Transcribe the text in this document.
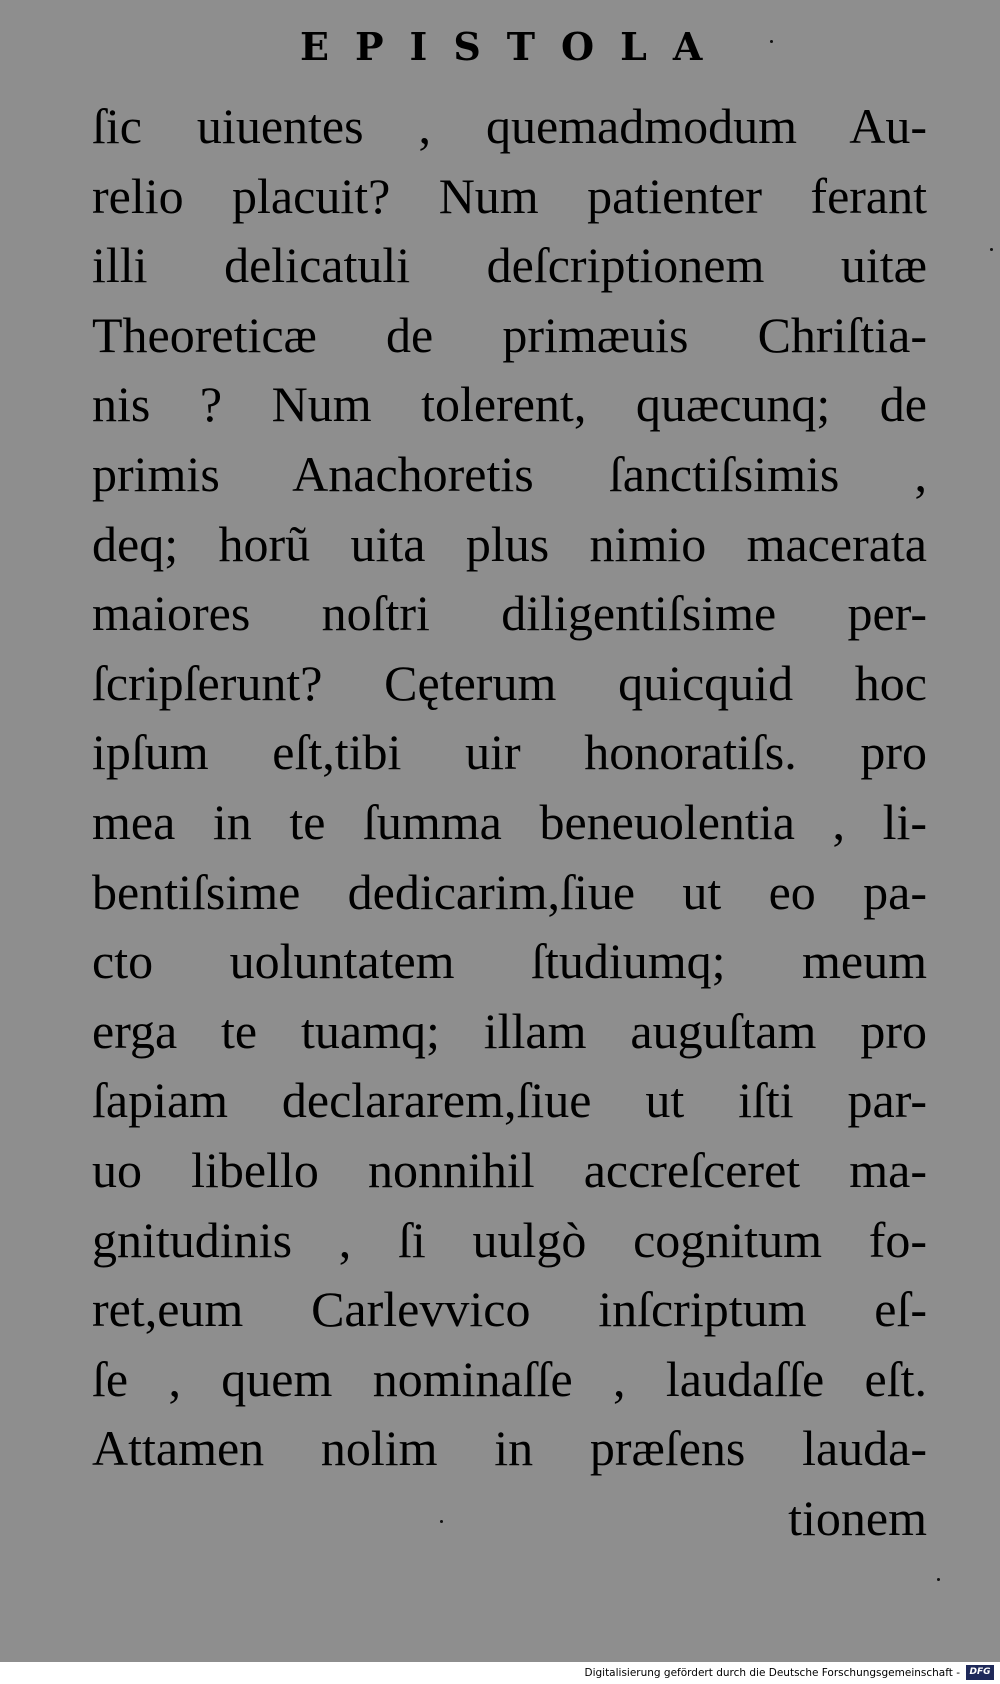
EPISTOLA
ſic uiuentes , quemadmodum Au-
relio placuit? Num patienter ferant
illi delicatuli deſcriptionem uitæ
Theoreticæ de primæuis Chriſtia-
nis ? Num tolerent, quæcunq; de
primis Anachoretis ſanctiſsimis ,
deq; horũ uita plus nimio macerata
maiores noſtri diligentiſsime per-
ſcripſerunt? Cęterum quicquid hoc
ipſum eſt,tibi uir honoratiſs. pro
mea in te ſumma beneuolentia , li-
bentiſsime dedicarim,ſiue ut eo pa-
cto uoluntatem ſtudiumq; meum
erga te tuamq; illam auguſtam pro
ſapiam declararem,ſiue ut iſti par-
uo libello nonnihil accreſceret ma-
gnitudinis , ſi uulgò cognitum fo-
ret,eum Carlevvico inſcriptum eſ-
ſe , quem nominaſſe , laudaſſe eſt.
Attamen nolim in præſens lauda-
tionem
Digitalisierung gefördert durch die Deutsche Forschungsgemeinschaft -	DFG
